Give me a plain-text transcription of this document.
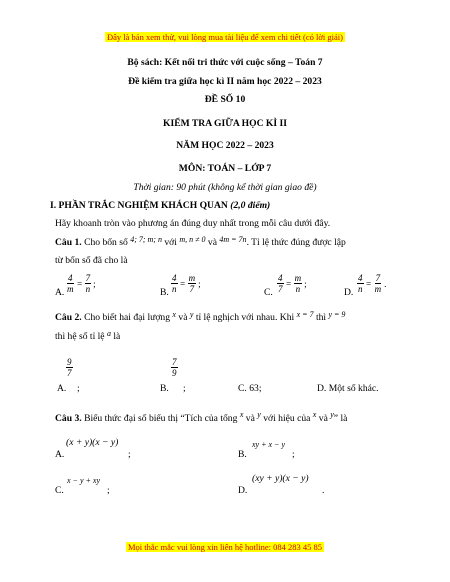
Đây là bản xem thử, vui lòng mua tài liệu để xem chi tiết (có lời giải)
Bộ sách: Kết nối tri thức với cuộc sống – Toán 7
Đề kiểm tra giữa học kì II năm học 2022 – 2023
ĐỀ SỐ 10
KIỂM TRA GIỮA HỌC KÌ II
NĂM HỌC 2022 – 2023
MÔN: TOÁN – LỚP 7
Thời gian: 90 phút (không kể thời gian giao đề)
I. PHẦN TRẮC NGHIỆM KHÁCH QUAN (2,0 điểm)
Hãy khoanh tròn vào phương án đúng duy nhất trong mỗi câu dưới đây.
Câu 1. Cho bốn số $^{4; 7; m; n}$ với $^{m, n \ne 0}$ và $^{4m = 7n}$. Tỉ lệ thức đúng được lập
từ bốn số đã cho là
A. $\frac{4}{m} = \frac{7}{n}$ ;
B. $\frac{4}{n} = \frac{m}{7}$ ;
C. $\frac{4}{7} = \frac{m}{n}$ ;
D. $\frac{4}{n} = \frac{7}{m}$ .
Câu 2. Cho biết hai đại lượng $^x$ và $^y$ tỉ lệ nghịch với nhau. Khi $^{x = 7}$ thì $^{y = 9}$
thì hệ số tỉ lệ $^a$ là
A.
$\frac{9}{7}$
;	B.
$\frac{7}{9}$
;	C. 63;	D. Một số khác.
Câu 3. Biểu thức đại số biểu thị “Tích của tổng $^x$ và $^y$ với hiệu của $^x$ và $^y$” là
A.
(x + y)(x − y)
;	B.
xy + x − y
;
C.
x − y + xy
;	D.
(xy + y)(x − y)
.
Mọi thắc mắc vui lòng xin liên hệ hotline: 084 283 45 85
